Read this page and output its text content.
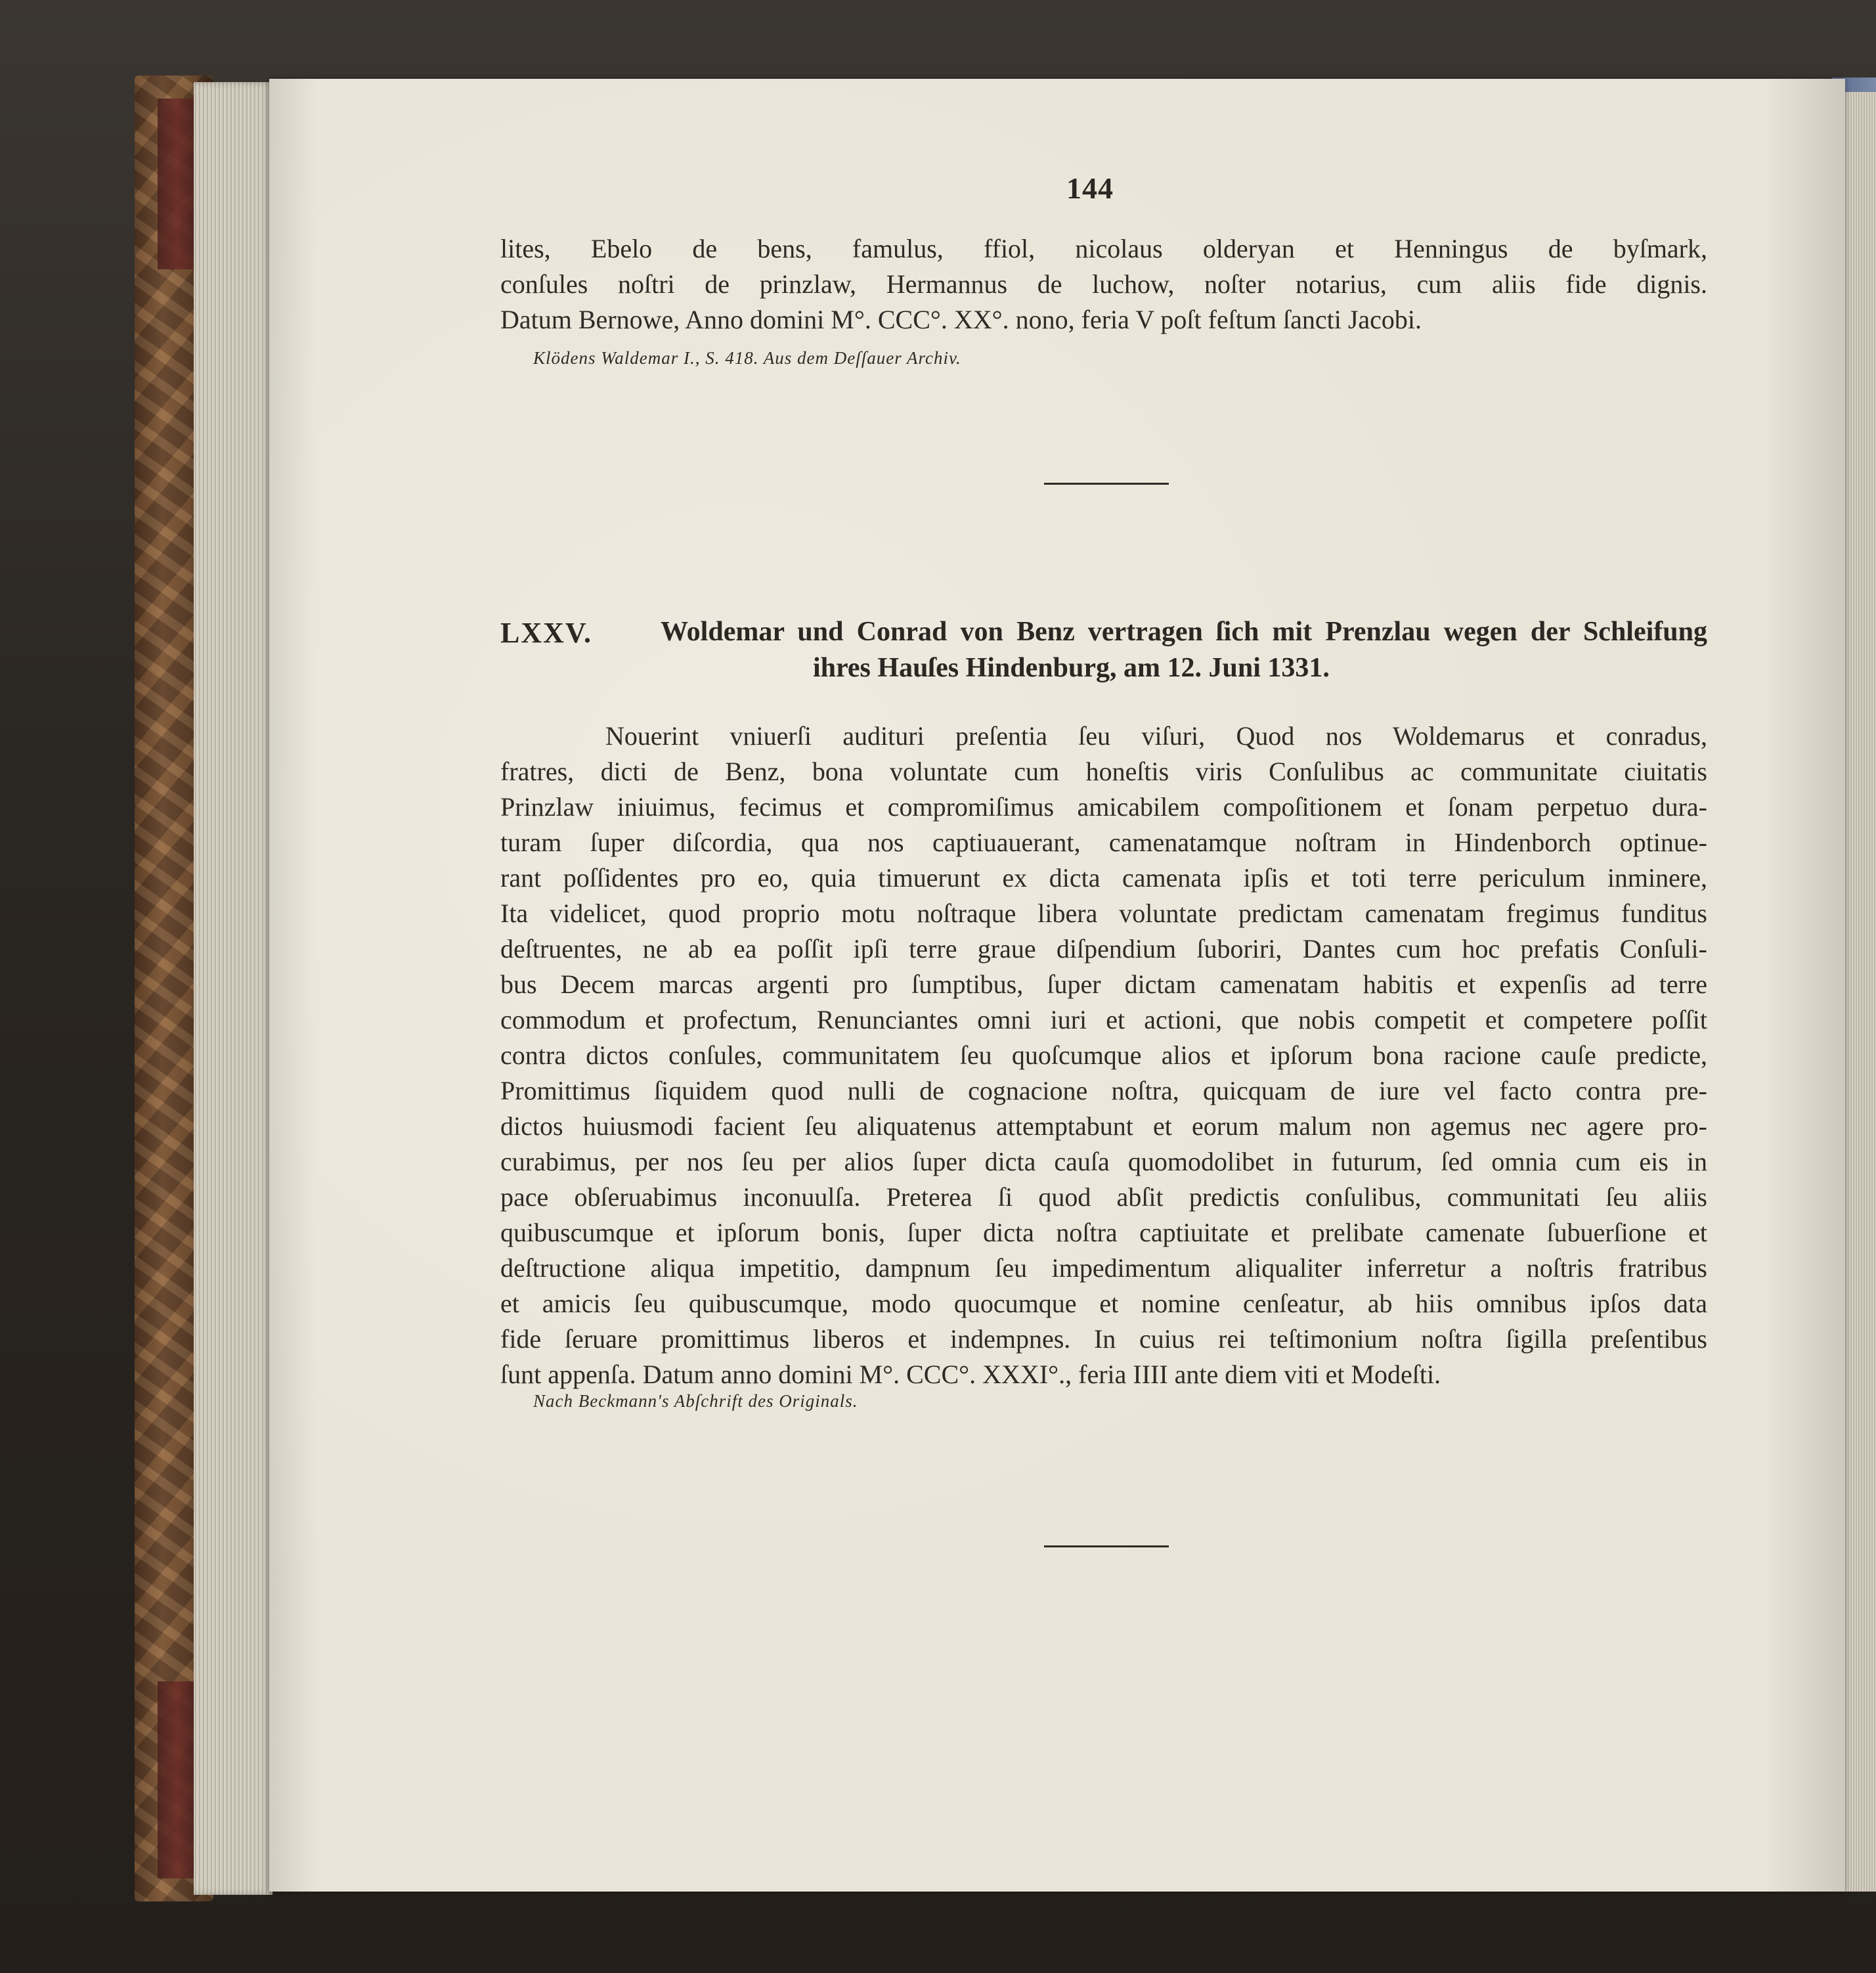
144
lites, Ebelo de bens, famulus, ffiol, nicolaus olderyan et Henningus de byſmark,
conſules noſtri de prinzlaw, Hermannus de luchow, noſter notarius, cum aliis fide dignis.
Datum Bernowe, Anno domini M°. CCC°. XX°. nono, feria V poſt feſtum ſancti Jacobi.
Klödens Waldemar I., S. 418. Aus dem Deſſauer Archiv.
LXXV. Woldemar und Conrad von Benz vertragen ſich mit Prenzlau wegen der Schleifung
ihres Hauſes Hindenburg, am 12. Juni 1331.
Nouerint vniuerſi audituri preſentia ſeu viſuri, Quod nos Woldemarus et conradus,
fratres, dicti de Benz, bona voluntate cum honeſtis viris Conſulibus ac communitate ciuitatis
Prinzlaw iniuimus, fecimus et compromiſimus amicabilem compoſitionem et ſonam perpetuo dura-
turam ſuper diſcordia, qua nos captiuauerant, camenatamque noſtram in Hindenborch optinue-
rant poſſidentes pro eo, quia timuerunt ex dicta camenata ipſis et toti terre periculum inminere,
Ita videlicet, quod proprio motu noſtraque libera voluntate predictam camenatam fregimus funditus
deſtruentes, ne ab ea poſſit ipſi terre graue diſpendium ſuboriri, Dantes cum hoc prefatis Conſuli-
bus Decem marcas argenti pro ſumptibus, ſuper dictam camenatam habitis et expenſis ad terre
commodum et profectum, Renunciantes omni iuri et actioni, que nobis competit et competere poſſit
contra dictos conſules, communitatem ſeu quoſcumque alios et ipſorum bona racione cauſe predicte,
Promittimus ſiquidem quod nulli de cognacione noſtra, quicquam de iure vel facto contra pre-
dictos huiusmodi facient ſeu aliquatenus attemptabunt et eorum malum non agemus nec agere pro-
curabimus, per nos ſeu per alios ſuper dicta cauſa quomodolibet in futurum, ſed omnia cum eis in
pace obſeruabimus inconuulſa. Preterea ſi quod abſit predictis conſulibus, communitati ſeu aliis
quibuscumque et ipſorum bonis, ſuper dicta noſtra captiuitate et prelibate camenate ſubuerſione et
deſtructione aliqua impetitio, dampnum ſeu impedimentum aliqualiter inferretur a noſtris fratribus
et amicis ſeu quibuscumque, modo quocumque et nomine cenſeatur, ab hiis omnibus ipſos data
fide ſeruare promittimus liberos et indempnes. In cuius rei teſtimonium noſtra ſigilla preſentibus
ſunt appenſa. Datum anno domini M°. CCC°. XXXI°., feria IIII ante diem viti et Modeſti.
Nach Beckmann's Abſchrift des Originals.
